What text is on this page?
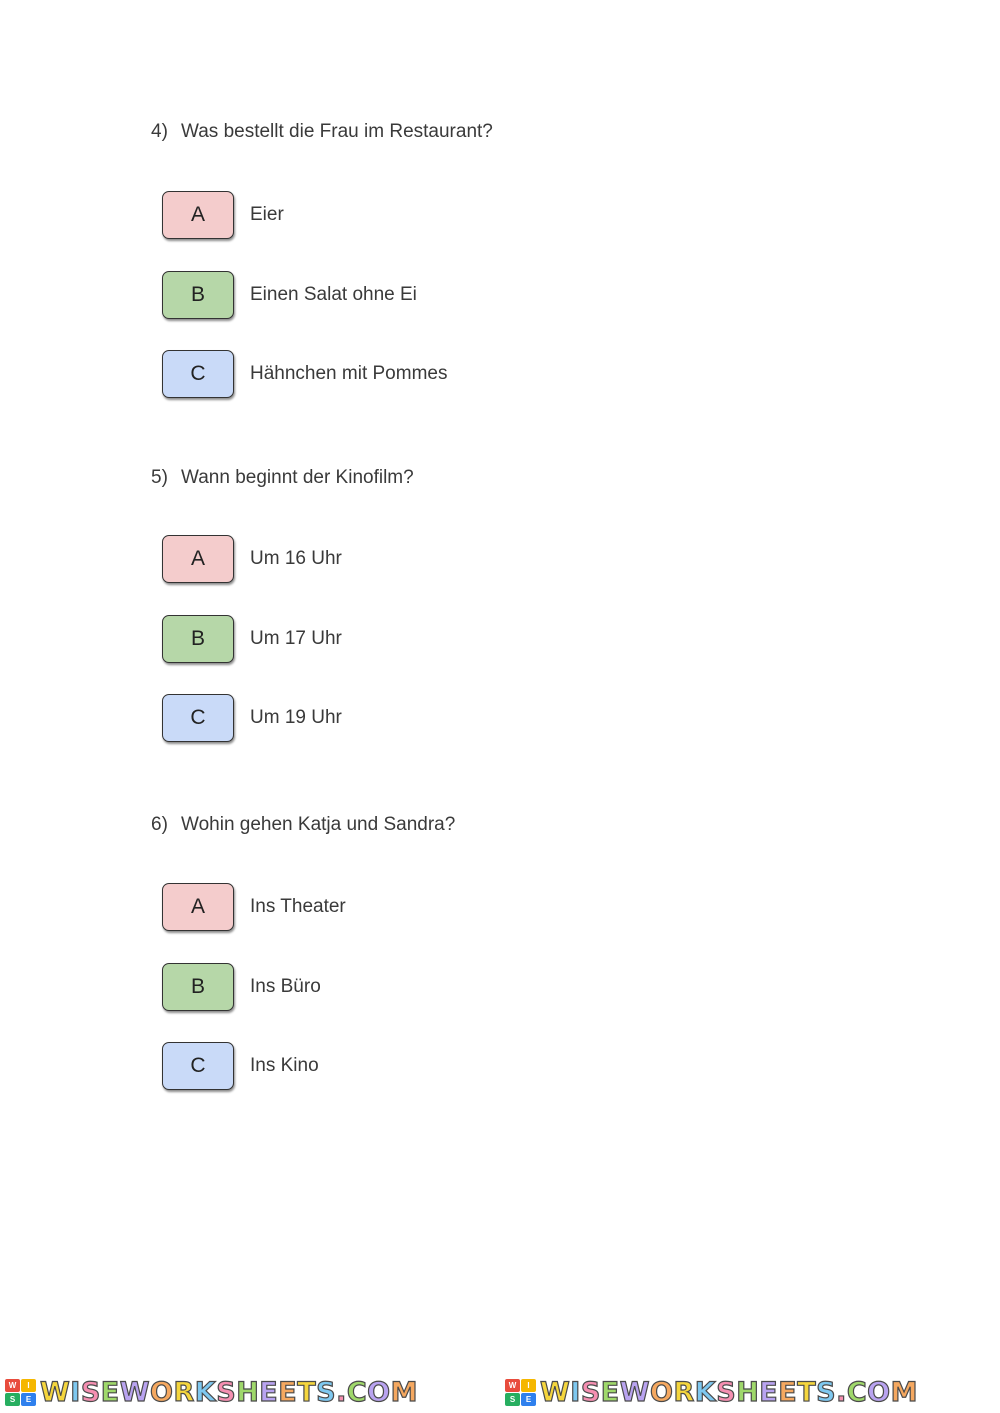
4) Was bestellt die Frau im Restaurant?
A	Eier
B	Einen Salat ohne Ei
C	Hähnchen mit Pommes
5) Wann beginnt der Kinofilm?
A	Um 16 Uhr
B	Um 17 Uhr
C	Um 19 Uhr
6) Wohin gehen Katja und Sandra?
A	Ins Theater
B	Ins Büro
C	Ins Kino
W	I
S	E WISEWORKSHEETS.COM	W	I
S	E WISEWORKSHEETS.COM
